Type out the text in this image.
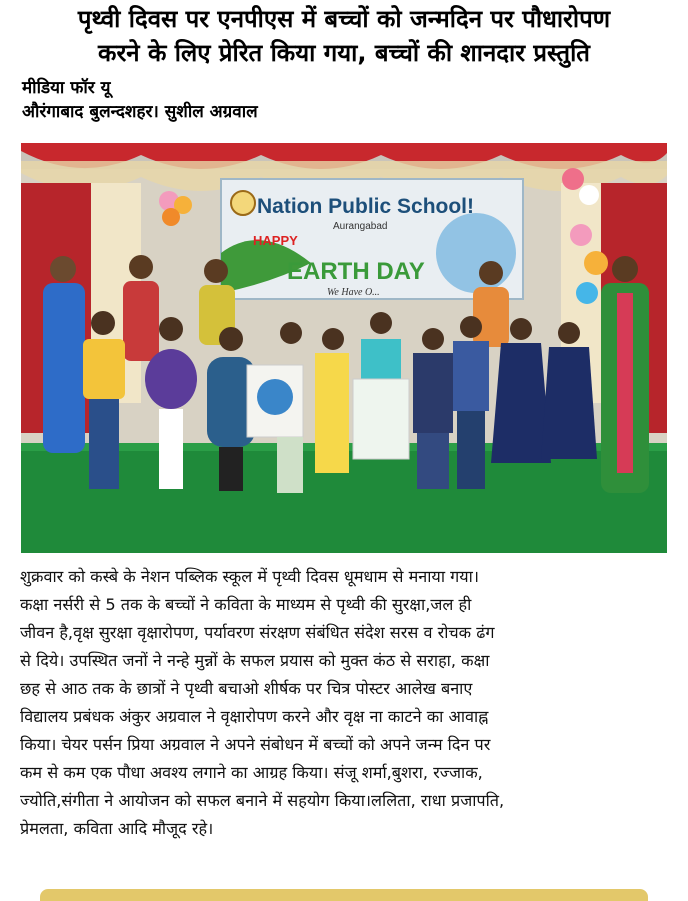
पृथ्वी दिवस पर एनपीएस में बच्चों को जन्मदिन पर पौधारोपण
करने के लिए प्रेरित किया गया, बच्चों की शानदार प्रस्तुति
मीडिया फॉर यू
औरंगाबाद बुलन्दशहर। सुशील अग्रवाल
Nation Public School!
Aurangabad
HAPPY
EARTH DAY
We Have O...
शुक्रवार को कस्बे के नेशन पब्लिक स्कूल में पृथ्वी दिवस धूमधाम से मनाया गया।
कक्षा नर्सरी से 5 तक के बच्चों ने कविता के माध्यम से पृथ्वी की सुरक्षा,जल ही
जीवन है,वृक्ष सुरक्षा वृक्षारोपण, पर्यावरण संरक्षण संबंधित संदेश सरस व रोचक ढंग
से दिये। उपस्थित जनों ने नन्हे मुन्नों के सफल प्रयास को मुक्त कंठ से सराहा, कक्षा
छह से आठ तक के छात्रों ने पृथ्वी बचाओ शीर्षक पर चित्र पोस्टर आलेख बनाए
विद्यालय प्रबंधक अंकुर अग्रवाल ने वृक्षारोपण करने और वृक्ष ना काटने का आवाह्न
किया। चेयर पर्सन प्रिया अग्रवाल ने अपने संबोधन में बच्चों को अपने जन्म दिन पर
कम से कम एक पौधा अवश्य लगाने का आग्रह किया। संजू शर्मा,बुशरा, रज्जाक,
ज्योति,संगीता ने आयोजन को सफल बनाने में सहयोग किया।ललिता, राधा प्रजापति,
प्रेमलता, कविता आदि मौजूद रहे।
